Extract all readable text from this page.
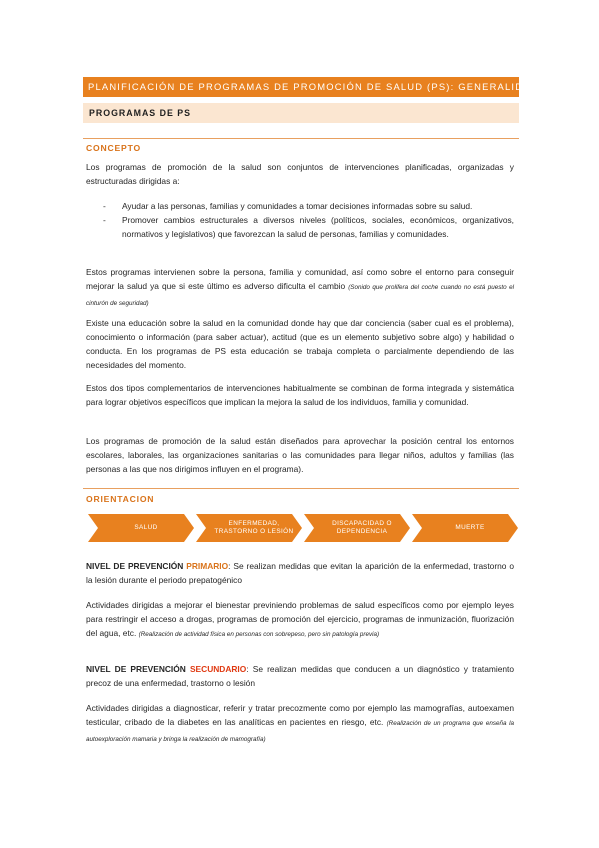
PLANIFICACIÓN DE PROGRAMAS DE PROMOCIÓN DE SALUD (PS): GENERALIDADES
PROGRAMAS DE PS
CONCEPTO

Los programas de promoción de la salud son conjuntos de intervenciones planificadas, organizadas y estructuradas dirigidas a:

- Ayudar a las personas, familias y comunidades a tomar decisiones informadas sobre su salud.
- Promover cambios estructurales a diversos niveles (políticos, sociales, económicos, organizativos, normativos y legislativos) que favorezcan la salud de personas, familias y comunidades.

Estos programas intervienen sobre la persona, familia y comunidad, así como sobre el entorno para conseguir mejorar la salud ya que si este último es adverso dificulta el cambio (Sonido que prolifera del coche cuando no está puesto el cinturón de seguridad)

Existe una educación sobre la salud en la comunidad donde hay que dar conciencia (saber cual es el problema), conocimiento o información (para saber actuar), actitud (que es un elemento subjetivo sobre algo) y habilidad o conducta. En los programas de PS esta educación se trabaja completa o parcialmente dependiendo de las necesidades del momento.

Estos dos tipos complementarios de intervenciones habitualmente se combinan de forma integrada y sistemática para lograr objetivos específicos que implican la mejora la salud de los individuos, familia y comunidad.

Los programas de promoción de la salud están diseñados para aprovechar la posición central los entornos escolares, laborales, las organizaciones sanitarias o las comunidades para llegar niños, adultos y familias (las personas a las que nos dirigimos influyen en el programa).

ORIENTACION
SALUD
ENFERMEDAD,
TRASTORNO O LESIÓN
DISCAPACIDAD O
DEPENDENCIA
MUERTE

NIVEL DE PREVENCIÓN PRIMARIO: Se realizan medidas que evitan la aparición de la enfermedad, trastorno o la lesión durante el periodo prepatogénico

Actividades dirigidas a mejorar el bienestar previniendo problemas de salud específicos como por ejemplo leyes para restringir el acceso a drogas, programas de promoción del ejercicio, programas de inmunización, fluorización del agua, etc. (Realización de actividad física en personas con sobrepeso, pero sin patología previa)

NIVEL DE PREVENCIÓN SECUNDARIO: Se realizan medidas que conducen a un diagnóstico y tratamiento precoz de una enfermedad, trastorno o lesión

Actividades dirigidas a diagnosticar, referir y tratar precozmente como por ejemplo las mamografías, autoexamen testicular, cribado de la diabetes en las analíticas en pacientes en riesgo, etc. (Realización de un programa que enseña la autoexploración mamaria y bringa la realización de mamografía)
